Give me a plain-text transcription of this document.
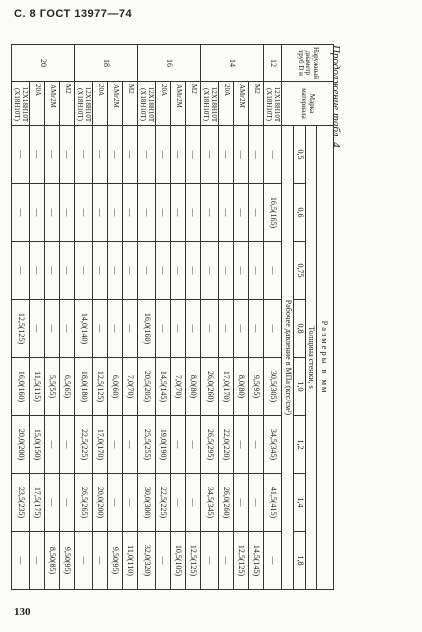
С. 8 ГОСТ 13977—74
Продолжение табл. 4
Наружный диаметр труб D н
Марка материала
Размеры в мм
Толщина стенки, s
0,5
0,6
0,75
0,8
1,0
1,2
1,4
1,8
Рабочее давление в МПа (кгс/см²)
12Х18Н10Т (Х18Н10Т)
—
16,5(165)
—
—
30,5(305)
34,5(345)
41,5(415)
—
12
М2
—
—
—
—
9,5(95)
—
—
14,5(145)
АМг2М
—
—
—
—
8,0(80)
—
—
12,5(125)
20А
—
—
—
—
17,0(170)
22,0(220)
26,0(260)
—
12Х18Н10Т (Х18Н10Т)
—
—
—
—
26,0(260)
26,5(295)
34,5(345)
—
14
М2
—
—
—
—
8,0(80)
—
—
12,5(125)
АМг2М
—
—
—
—
7,0(70)
—
—
10,5(105)
20А
—
—
—
—
14,5(145)
19,0(190)
22,5(225)
—
12Х18Н10Т (Х18Н10Т)
—
—
—
16,0(160)
20,5(205)
25,5(255)
30,0(300)
32,0(320)
16
М2
—
—
—
—
7,0(70)
—
—
11,0(110)
АМг2М
—
—
—
—
6,0(60)
—
—
9,50(95)
20А
—
—
—
—
12,5(125)
17,0(170)
20,0(200)
—
12Х18Н10Т (Х18Н10Т)
—
—
—
14,0(140)
18,0(180)
22,5(225)
26,5(265)
—
18
М2
—
—
—
—
6,5(65)
—
—
9,50(95)
АМг2М
—
—
—
—
5,5(55)
—
—
8,50(85)
20А
—
—
—
—
11,5(115)
15,0(150)
17,5(175)
—
12Х18Н10Т (Х18Н10Т)
—
—
—
12,5(125)
16,0(160)
20,0(200)
23,5(235)
—
20
130
